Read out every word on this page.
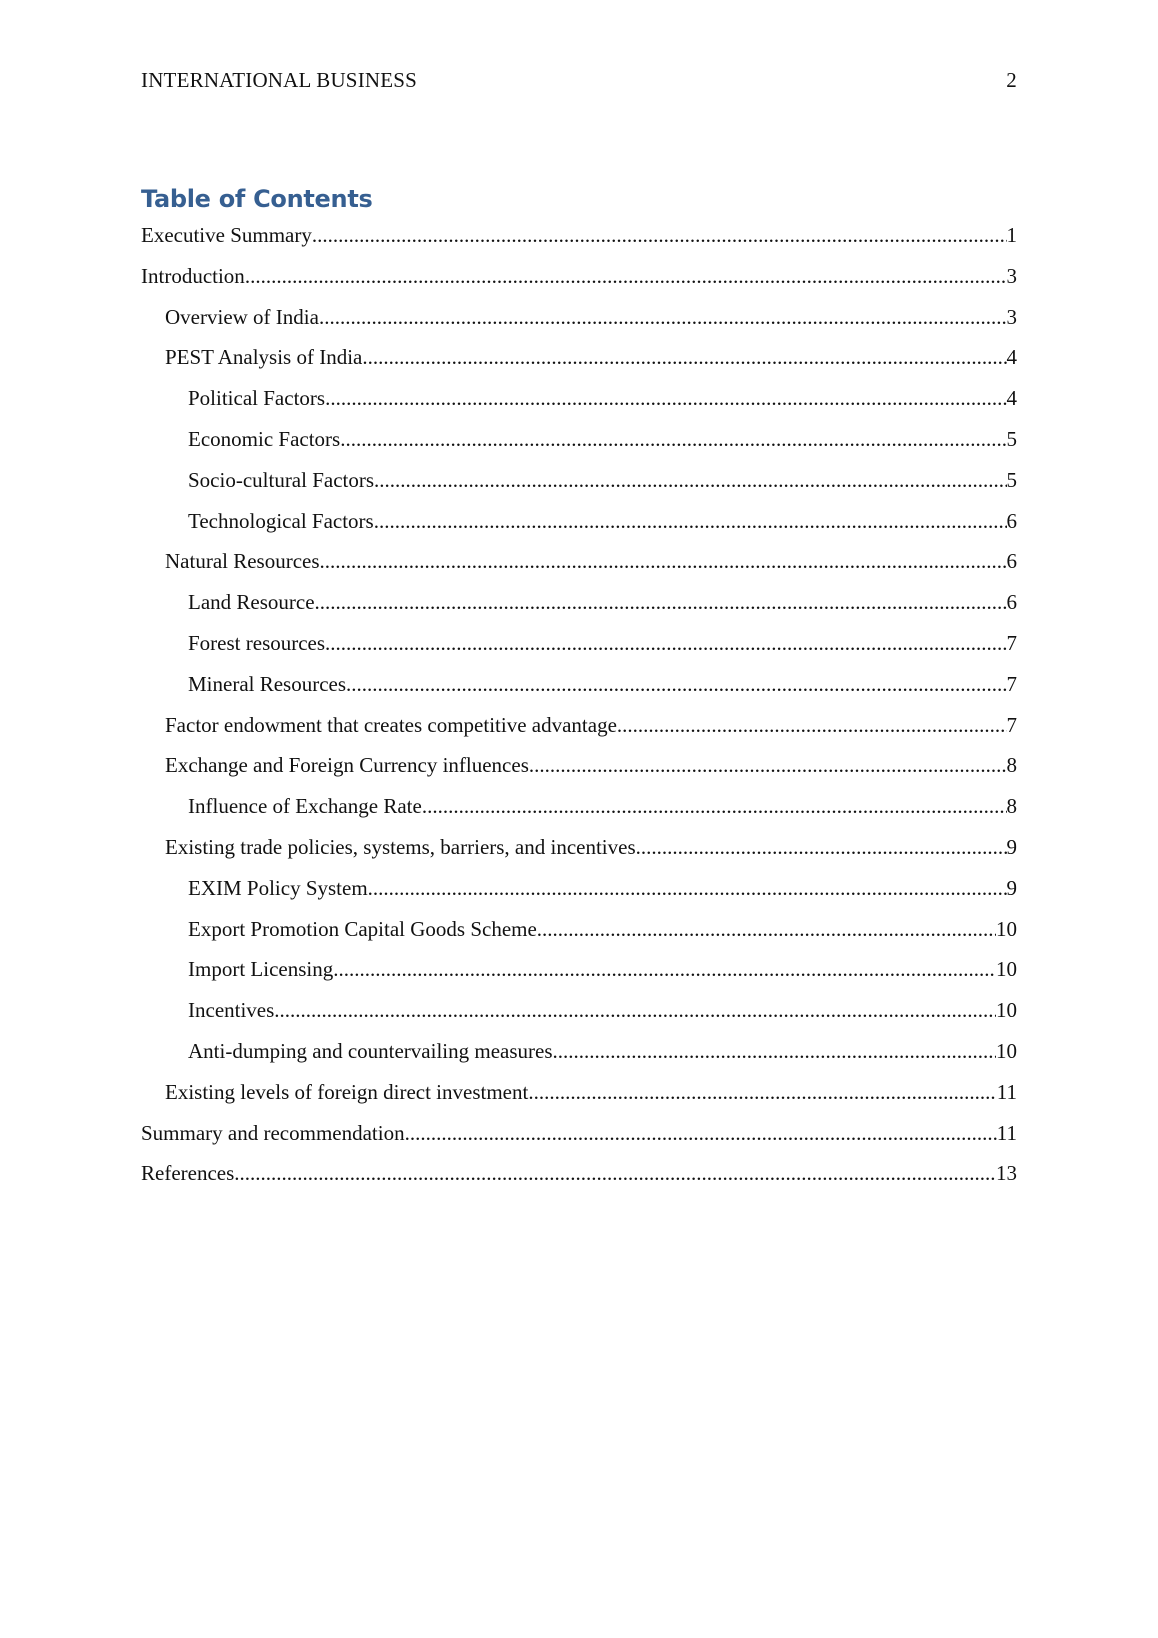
INTERNATIONAL BUSINESS	2
Table of Contents
Executive Summary .....	1
Introduction .....	3
Overview of India .....	3
PEST Analysis of India .....	4
Political Factors .....	4
Economic Factors .....	5
Socio-cultural Factors .....	5
Technological Factors .....	6
Natural Resources .....	6
Land Resource .....	6
Forest resources .....	7
Mineral Resources .....	7
Factor endowment that creates competitive advantage .....	7
Exchange and Foreign Currency influences .....	8
Influence of Exchange Rate .....	8
Existing trade policies, systems, barriers, and incentives .....	9
EXIM Policy System .....	9
Export Promotion Capital Goods Scheme .....	10
Import Licensing .....	10
Incentives .....	10
Anti-dumping and countervailing measures .....	10
Existing levels of foreign direct investment .....	11
Summary and recommendation .....	11
References .....	13
